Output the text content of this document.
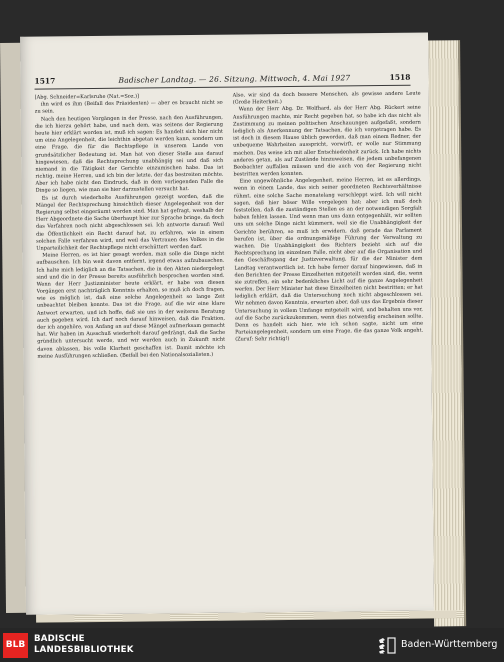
1517	Badischer Landtag. — 26. Sitzung. Mittwoch, 4. Mai 1927	1518

[Abg. Schneider=Karlsruhe (Nat.=Soz.)]

ihn wird es ihm (Beifall des Präsidenten) — aber es braucht nicht so zu sein.

Nach den heutigen Vorgängen in der Presse, nach den Ausführungen, die ich hierzu gehört habe, und nach dem, was seitens der Regierung heute hier erklärt worden ist, muß ich sagen: Es handelt sich hier nicht um eine Angelegenheit, die leichthin abgetan werden kann, sondern um eine Frage, die für die Rechtspflege in unserem Lande von grundsätzlicher Bedeutung ist. Man hat von dieser Stelle aus darauf hingewiesen, daß die Rechtsprechung unabhängig sei und daß sich niemand in die Tätigkeit der Gerichte einzumischen habe. Das ist richtig, meine Herren, und ich bin der letzte, der das bestreiten möchte. Aber ich habe nicht den Eindruck, daß in dem vorliegenden Falle die Dinge so liegen, wie man sie hier darzustellen versucht hat.

Es ist durch wiederholte Ausführungen gezeigt worden, daß die Mängel der Rechtsprechung hinsichtlich dieser Angelegenheit von der Regierung selbst eingeräumt worden sind. Man hat gefragt, weshalb der Herr Abgeordnete die Sache überhaupt hier zur Sprache bringe, da doch das Verfahren noch nicht abgeschlossen sei. Ich antworte darauf: Weil die Öffentlichkeit ein Recht darauf hat, zu erfahren, wie in einem solchen Falle verfahren wird, und weil das Vertrauen des Volkes in die Unparteilichkeit der Rechtspflege nicht erschüttert werden darf.

Meine Herren, es ist hier gesagt worden, man solle die Dinge nicht aufbauschen. Ich bin weit davon entfernt, irgend etwas aufzubauschen. Ich halte mich lediglich an die Tatsachen, die in den Akten niedergelegt sind und die in der Presse bereits ausführlich besprochen worden sind. Wenn der Herr Justizminister heute erklärt, er habe von diesen Vorgängen erst nachträglich Kenntnis erhalten, so muß ich doch fragen, wie es möglich ist, daß eine solche Angelegenheit so lange Zeit unbeachtet bleiben konnte. Das ist die Frage, auf die wir eine klare Antwort erwarten, und ich hoffe, daß sie uns in der weiteren Beratung auch gegeben wird. Ich darf noch darauf hinweisen, daß die Fraktion, der ich angehöre, von Anfang an auf diese Mängel aufmerksam gemacht hat. Wir haben im Ausschuß wiederholt darauf gedrängt, daß die Sache gründlich untersucht werde, und wir werden auch in Zukunft nicht davon ablassen, bis volle Klarheit geschaffen ist. Damit möchte ich meine Ausführungen schließen. (Beifall bei den Nationalsozialisten.)

Also, wir sind da doch bessere Menschen, als gewisse andere Leute (Große Heiterkeit.)

Wenn der Herr Abg. Dr. Wolfhard, als der Herr Abg. Rückert seine Ausführungen machte, mir Recht gegeben hat, so habe ich das nicht als Zustimmung zu meinen politischen Anschauungen aufgefaßt, sondern lediglich als Anerkennung der Tatsachen, die ich vorgetragen habe. Es ist doch in diesem Hause üblich geworden, daß man einem Redner, der unbequeme Wahrheiten ausspricht, vorwirft, er wolle nur Stimmung machen. Das weise ich mit aller Entschiedenheit zurück. Ich habe nichts anderes getan, als auf Zustände hinzuweisen, die jedem unbefangenen Beobachter auffallen müssen und die auch von der Regierung nicht bestritten werden konnten.

Eine ungewöhnliche Angelegenheit, meine Herren, ist es allerdings, wenn in einem Lande, das sich seiner geordneten Rechtsverhältnisse rühmt, eine solche Sache monatelang verschleppt wird. Ich will nicht sagen, daß hier böser Wille vorgelegen hat; aber ich muß doch feststellen, daß die zuständigen Stellen es an der notwendigen Sorgfalt haben fehlen lassen. Und wenn man uns dann entgegenhält, wir sollten uns um solche Dinge nicht kümmern, weil sie die Unabhängigkeit der Gerichte berühren, so muß ich erwidern, daß gerade das Parlament berufen ist, über die ordnungsmäßige Führung der Verwaltung zu wachen. Die Unabhängigkeit des Richters bezieht sich auf die Rechtsprechung im einzelnen Falle, nicht aber auf die Organisation und den Geschäftsgang der Justizverwaltung, für die der Minister dem Landtag verantwortlich ist. Ich habe ferner darauf hingewiesen, daß in den Berichten der Presse Einzelheiten mitgeteilt worden sind, die, wenn sie zutreffen, ein sehr bedenkliches Licht auf die ganze Angelegenheit werfen. Der Herr Minister hat diese Einzelheiten nicht bestritten; er hat lediglich erklärt, daß die Untersuchung noch nicht abgeschlossen sei. Wir nehmen davon Kenntnis, erwarten aber, daß uns das Ergebnis dieser Untersuchung in vollem Umfange mitgeteilt wird, und behalten uns vor, auf die Sache zurückzukommen, wenn dies notwendig erscheinen sollte. Denn es handelt sich hier, wie ich schon sagte, nicht um eine Parteiangelegenheit, sondern um eine Frage, die das ganze Volk angeht. (Zuruf: Sehr richtig!)

BLB
BADISCHE
LANDESBIBLIOTHEK	Baden-Württemberg
